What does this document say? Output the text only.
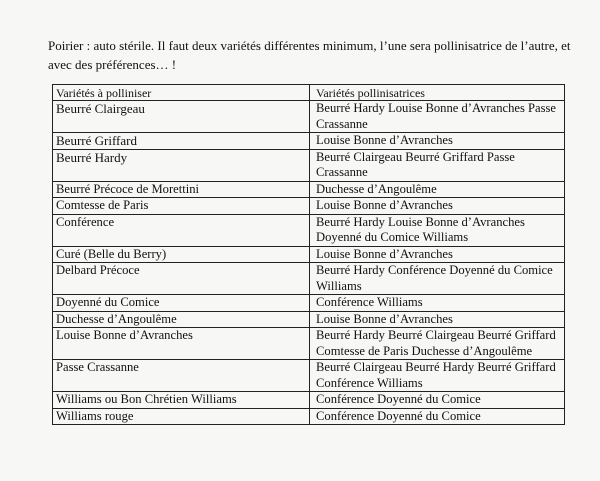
Poirier : auto stérile. Il faut deux variétés différentes minimum, l’une sera pollinisatrice de l’autre, et avec des préférences… !
Variétés à polliniser	Variétés pollinisatrices
Beurré Clairgeau	Beurré Hardy Louise Bonne d’Avranches Passe Crassanne
Beurré Griffard	Louise Bonne d’Avranches
Beurré Hardy	Beurré Clairgeau Beurré Griffard Passe Crassanne
Beurré Précoce de Morettini	Duchesse d’Angoulême
Comtesse de Paris	Louise Bonne d’Avranches
Conférence	Beurré Hardy Louise Bonne d’Avranches Doyenné du Comice Williams
Curé (Belle du Berry)	Louise Bonne d’Avranches
Delbard Précoce	Beurré Hardy Conférence Doyenné du Comice Williams
Doyenné du Comice	Conférence Williams
Duchesse d’Angoulême	Louise Bonne d’Avranches
Louise Bonne d’Avranches	Beurré Hardy Beurré Clairgeau Beurré Griffard Comtesse de Paris Duchesse d’Angoulême
Passe Crassanne	Beurré Clairgeau Beurré Hardy Beurré Griffard Conférence Williams
Williams ou Bon Chrétien Williams	Conférence Doyenné du Comice
Williams rouge	Conférence Doyenné du Comice
